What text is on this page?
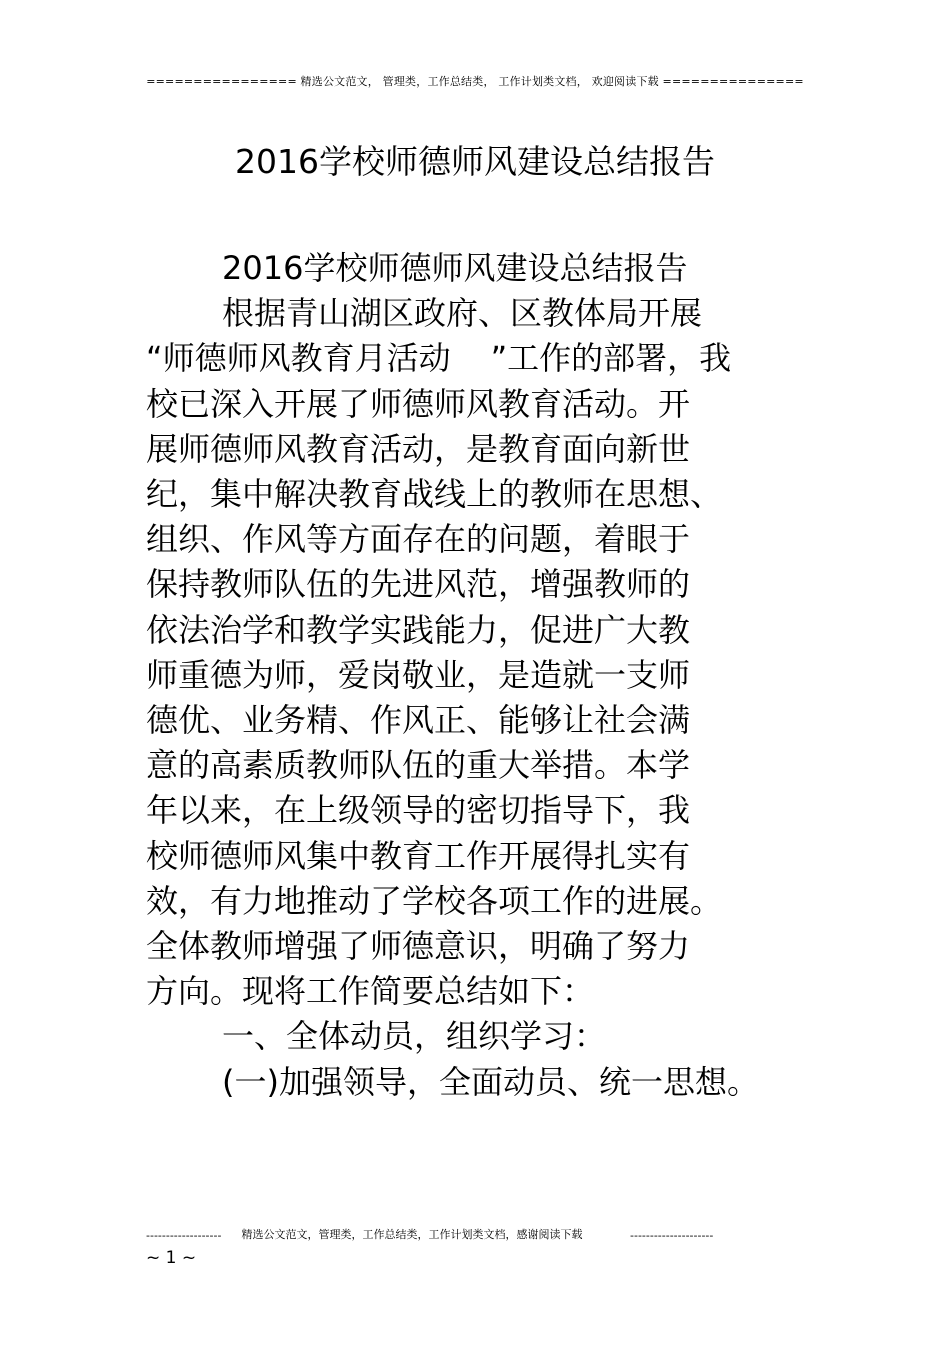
================ 精选公文范文， 管理类，工作总结类， 工作计划类文档， 欢迎阅读下载 ===============
2016学校师德师风建设总结报告

2016学校师德师风建设总结报告

根据青山湖区政府、区教体局开展

“师德师风教育月活动 ”工作的部署，我

校已深入开展了师德师风教育活动。开

展师德师风教育活动，是教育面向新世

纪，集中解决教育战线上的教师在思想、

组织、作风等方面存在的问题，着眼于

保持教师队伍的先进风范，增强教师的

依法治学和教学实践能力，促进广大教

师重德为师，爱岗敬业，是造就一支师

德优、业务精、作风正、能够让社会满

意的高素质教师队伍的重大举措。本学

年以来，在上级领导的密切指导下，我

校师德师风集中教育工作开展得扎实有

效，有力地推动了学校各项工作的进展。

全体教师增强了师德意识，明确了努力

方向。现将工作简要总结如下：

一、全体动员，组织学习：

(一)加强领导，全面动员、统一思想。

------------------- 精选公文范文，管理类，工作总结类，工作计划类文档，感谢阅读下载	---------------------
~ 1 ~
